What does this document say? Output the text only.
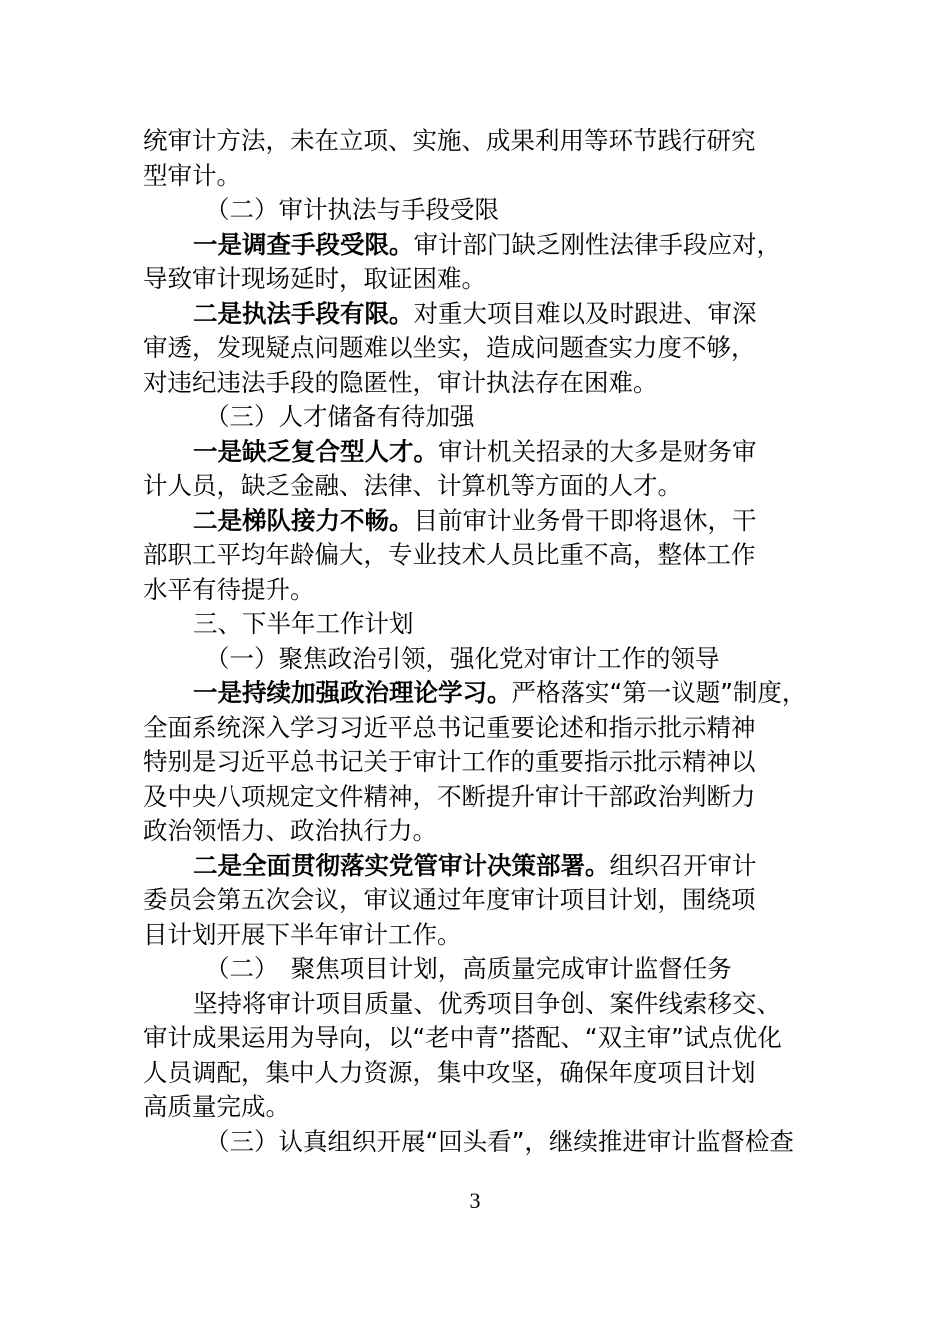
统审计方法，未在立项、实施、成果利用等环节践行研究
型审计。
（二）审计执法与手段受限
一是调查手段受限。审计部门缺乏刚性法律手段应对，
导致审计现场延时，取证困难。
二是执法手段有限。对重大项目难以及时跟进、审深
审透，发现疑点问题难以坐实，造成问题查实力度不够，
对违纪违法手段的隐匿性，审计执法存在困难。
（三）人才储备有待加强
一是缺乏复合型人才。审计机关招录的大多是财务审
计人员，缺乏金融、法律、计算机等方面的人才。
二是梯队接力不畅。目前审计业务骨干即将退休，干
部职工平均年龄偏大，专业技术人员比重不高，整体工作
水平有待提升。
三、下半年工作计划
（一）聚焦政治引领，强化党对审计工作的领导
一是持续加强政治理论学习。严格落实“第一议题”制度，
全面系统深入学习习近平总书记重要论述和指示批示精神
特别是习近平总书记关于审计工作的重要指示批示精神以
及中央八项规定文件精神，不断提升审计干部政治判断力
政治领悟力、政治执行力。
二是全面贯彻落实党管审计决策部署。组织召开审计
委员会第五次会议，审议通过年度审计项目计划，围绕项
目计划开展下半年审计工作。
（二）　聚焦项目计划，高质量完成审计监督任务
坚持将审计项目质量、优秀项目争创、案件线索移交、
审计成果运用为导向，以“老中青”搭配、“双主审”试点优化
人员调配，集中人力资源，集中攻坚，确保年度项目计划
高质量完成。
（三）认真组织开展“回头看”，继续推进审计监督检查
3
